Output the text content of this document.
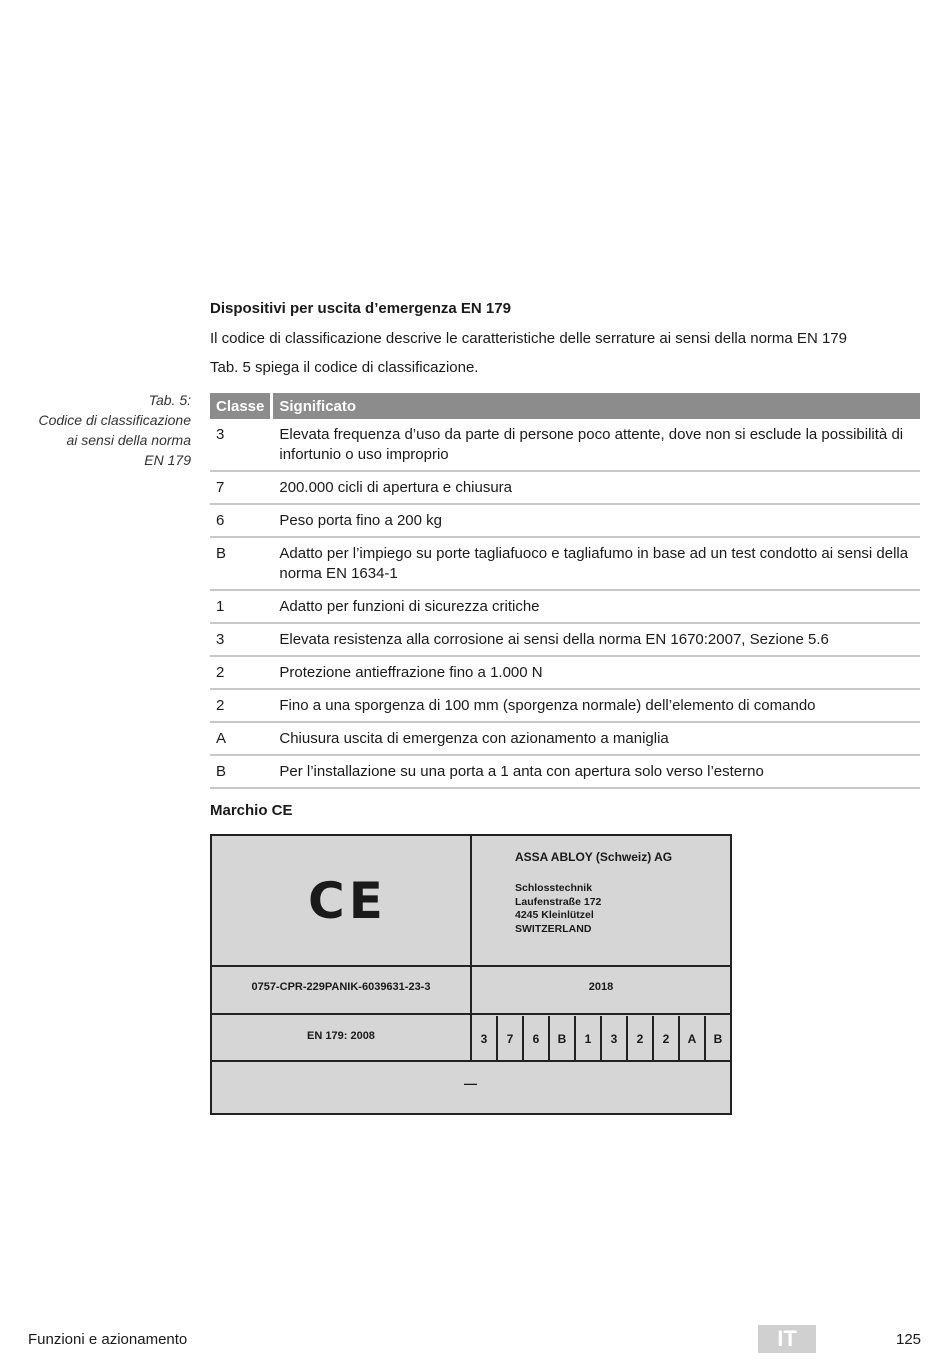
Dispositivi per uscita d’emergenza EN 179
Il codice di classificazione descrive le caratteristiche delle serrature ai sensi della norma EN 179
Tab. 5 spiega il codice di classificazione.
Tab. 5:
Codice di classificazione
ai sensi della norma
EN 179
Classe	Significato
3	Elevata frequenza d’uso da parte di persone poco attente, dove non si esclude la possibilità di infortunio o uso improprio
7	200.000 cicli di apertura e chiusura
6	Peso porta fino a 200 kg
B	Adatto per l’impiego su porte tagliafuoco e tagliafumo in base ad un test condotto ai sensi della norma EN 1634-1
1	Adatto per funzioni di sicurezza critiche
3	Elevata resistenza alla corrosione ai sensi della norma EN 1670:2007, Sezione 5.6
2	Protezione antieffrazione fino a 1.000 N
2	Fino a una sporgenza di 100 mm (sporgenza normale) dell’elemento di comando
A	Chiusura uscita di emergenza con azionamento a maniglia
B	Per l’installazione su una porta a 1 anta con apertura solo verso l’esterno
Marchio CE
CE
ASSA ABLOY (Schweiz) AG
Schlosstechnik
Laufenstraße 172
4245 Kleinlützel
SWITZERLAND
0757-CPR-229PANIK-6039631-23-3	2018
EN 179: 2008	3	7	6	B	1	3	2	2	A	B
—
Funzioni e azionamento	IT	125
